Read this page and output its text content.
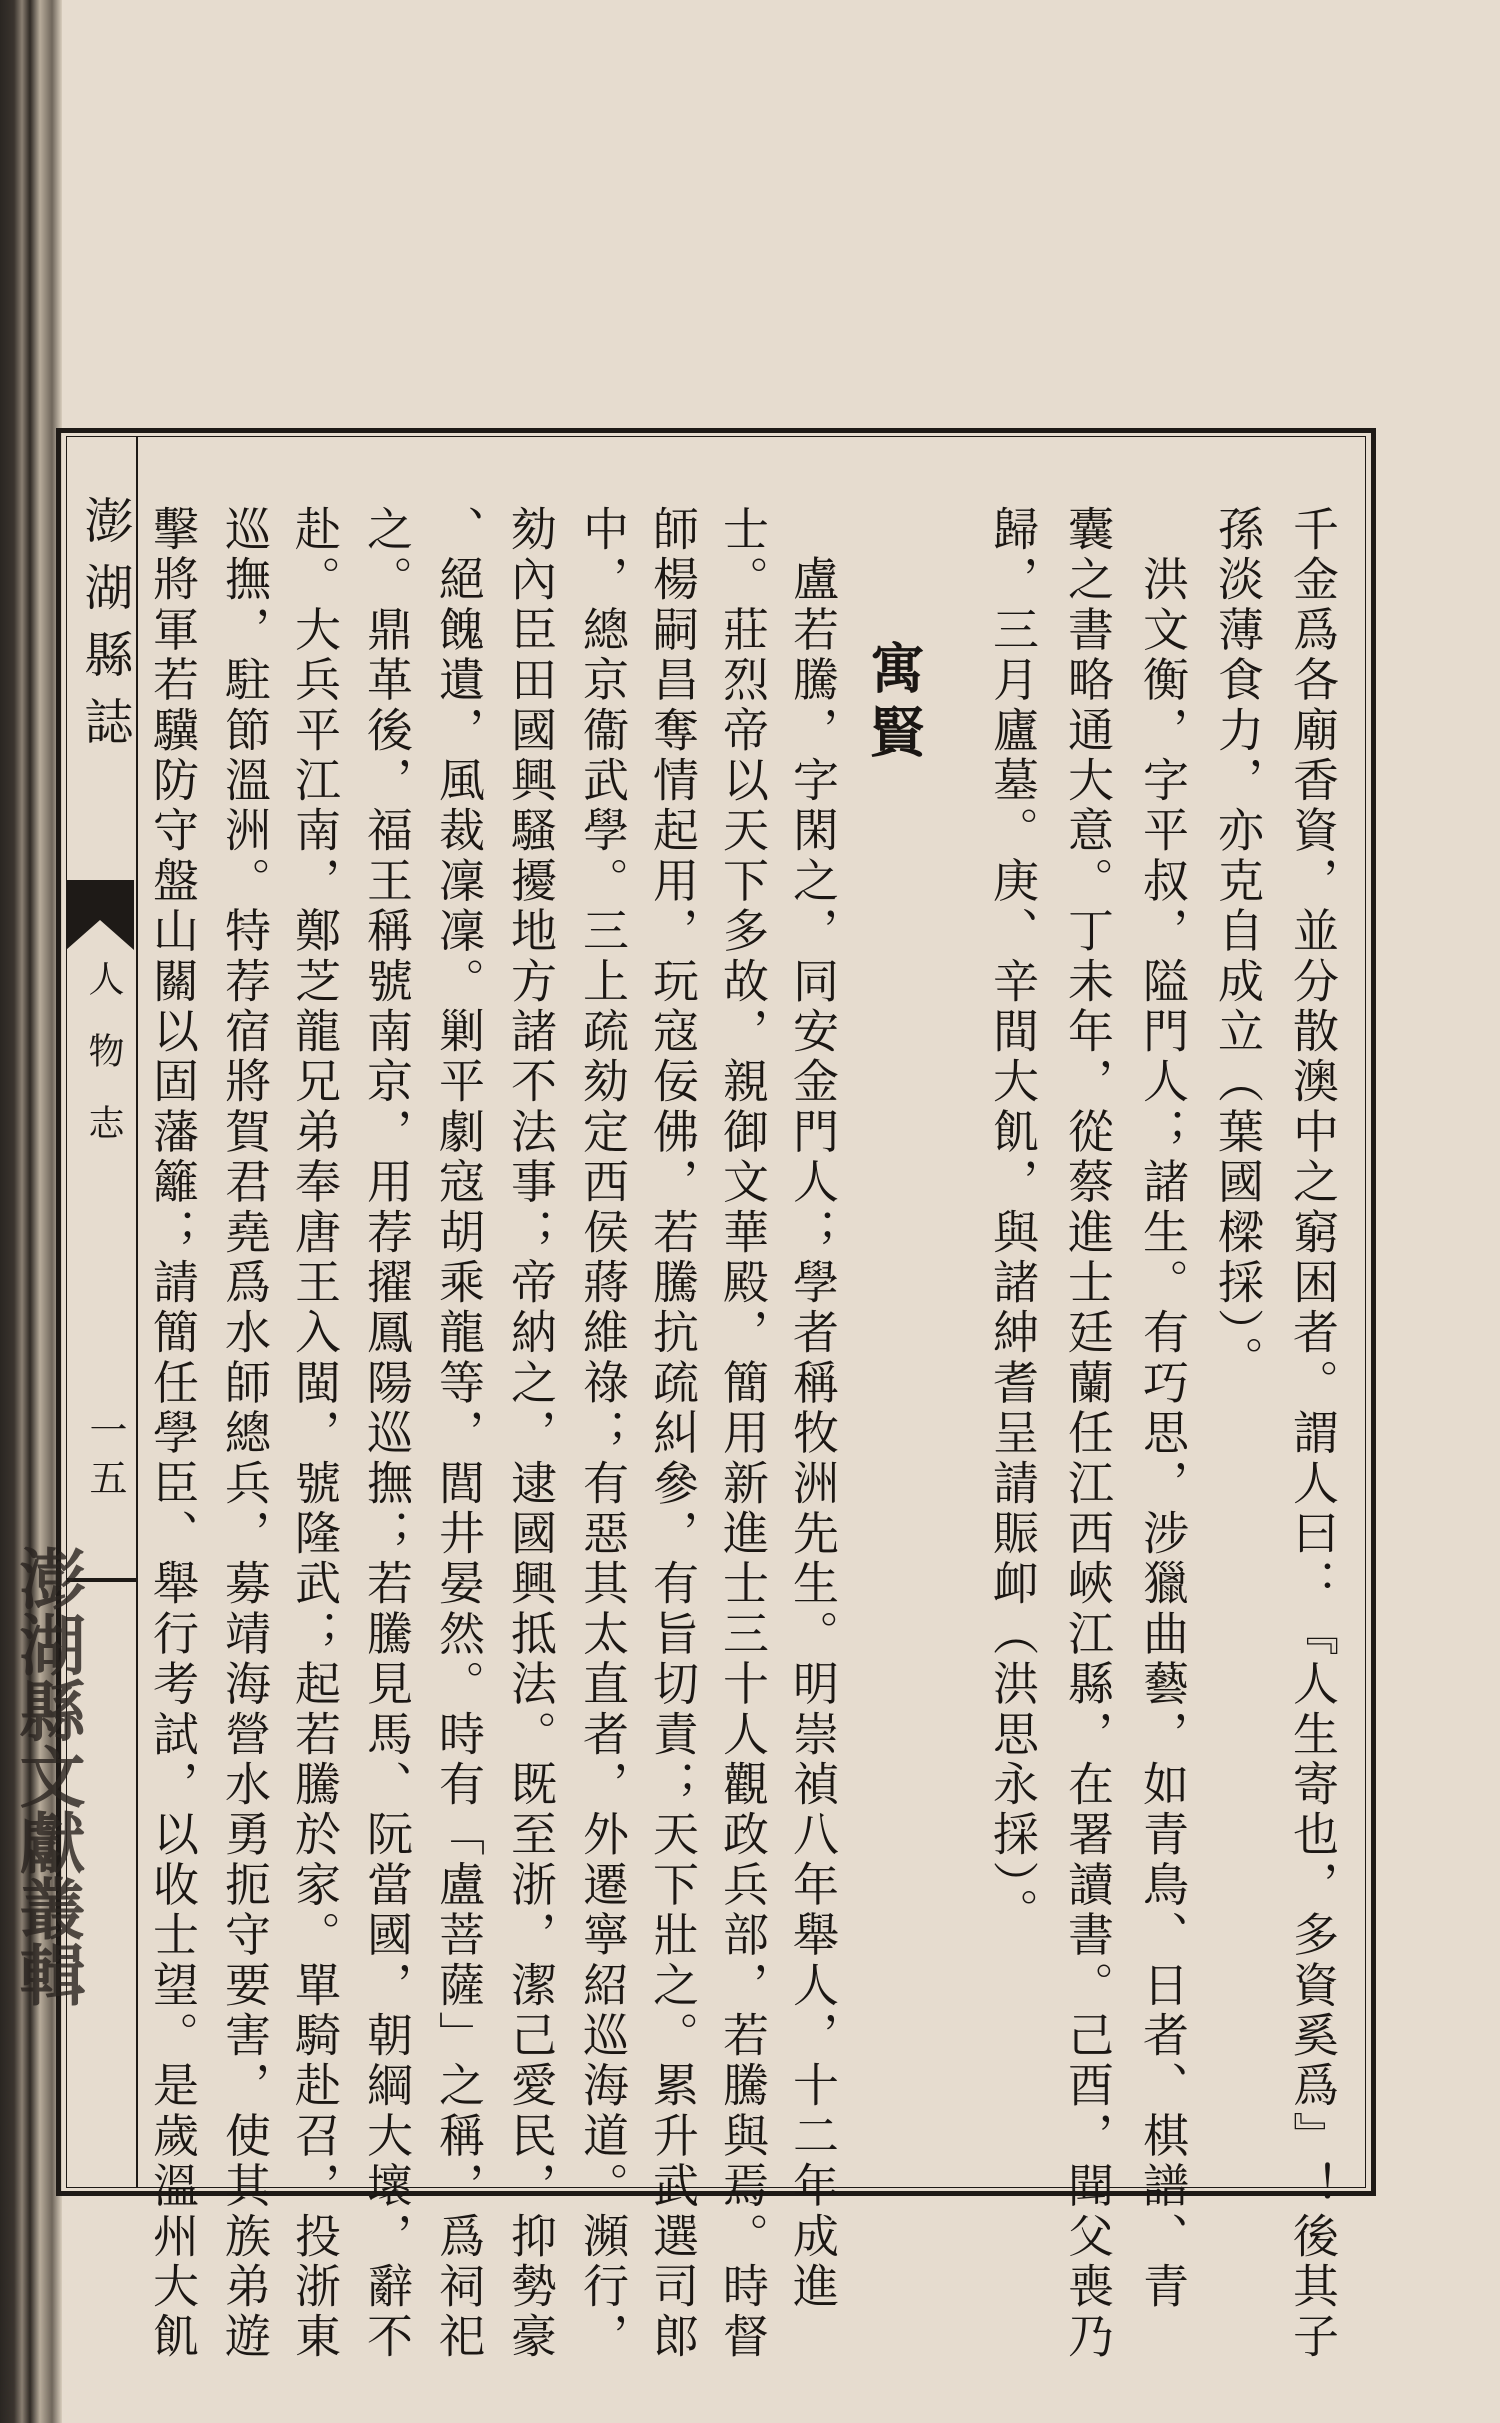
澎湖縣誌
人物志
一五
澎湖縣文獻叢輯
寓賢	千金爲各廟香資，並分散澳中之窮困者。謂人曰：『人生寄也，多資奚爲』！後其子
孫淡薄食力，亦克自成立（葉國樑採）。
　洪文衡，字平叔，隘門人；諸生。有巧思，涉獵曲藝，如青鳥、日者、棋譜、青
囊之書略通大意。丁未年，從蔡進士廷蘭任江西峽江縣，在署讀書。己酉，聞父喪乃
歸，三月廬墓。庚、辛間大飢，與諸紳耆呈請賑卹（洪思永採）。
　盧若騰，字閑之，同安金門人；學者稱牧洲先生。明崇禎八年舉人，十二年成進
士。莊烈帝以天下多故，親御文華殿，簡用新進士三十人觀政兵部，若騰與焉。時督
師楊嗣昌奪情起用，玩寇佞佛，若騰抗疏糾參，有旨切責；天下壯之。累升武選司郎
中，總京衞武學。三上疏劾定西侯蔣維祿；有惡其太直者，外遷寧紹巡海道。瀕行，
劾內臣田國興騷擾地方諸不法事；帝納之，逮國興抵法。既至浙，潔己愛民，抑勢豪
、絕餽遺，風裁凜凜。剿平劇寇胡乘龍等，閭井晏然。時有「盧菩薩」之稱，爲祠祀
之。鼎革後，福王稱號南京，用荐擢鳳陽巡撫；若騰見馬、阮當國，朝綱大壞，辭不
赴。大兵平江南，鄭芝龍兄弟奉唐王入閩，號隆武；起若騰於家。單騎赴召，投浙東
巡撫，駐節溫洲。特荐宿將賀君堯爲水師總兵，募靖海營水勇扼守要害，使其族弟遊
擊將軍若驥防守盤山關以固藩籬；請簡任學臣、舉行考試，以收士望。是歲溫州大飢
